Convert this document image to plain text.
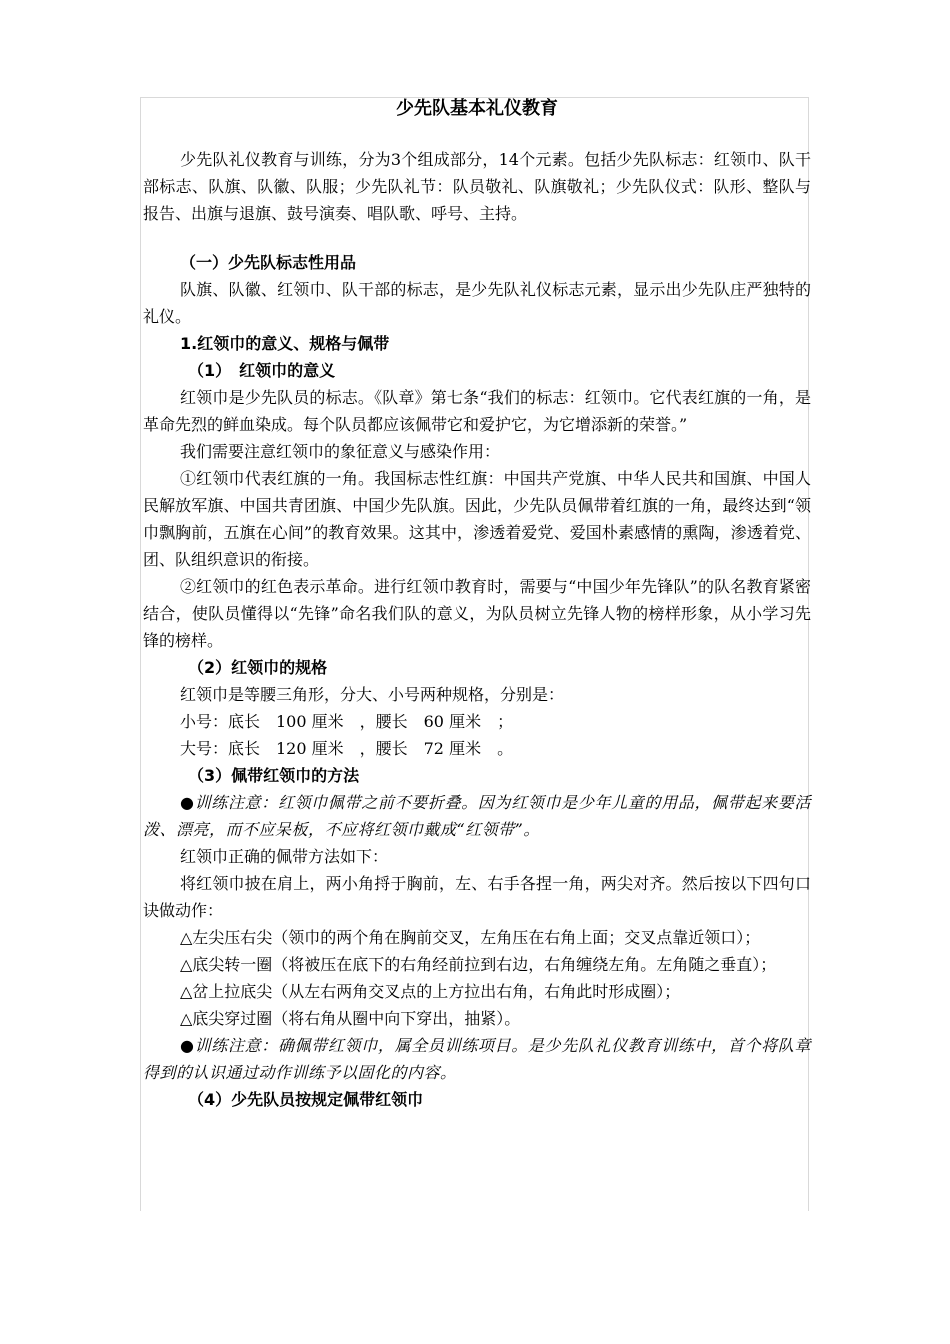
少先队基本礼仪教育

少先队礼仪教育与训练，分为3个组成部分，14个元素。包括少先队标志：红领巾、队干部标志、队旗、队徽、队服；少先队礼节：队员敬礼、队旗敬礼；少先队仪式：队形、整队与报告、出旗与退旗、鼓号演奏、唱队歌、呼号、主持。

（一）少先队标志性用品

队旗、队徽、红领巾、队干部的标志，是少先队礼仪标志元素，显示出少先队庄严独特的礼仪。

1.红领巾的意义、规格与佩带

（1）　红领巾的意义

红领巾是少先队员的标志。《队章》第七条“我们的标志：红领巾。它代表红旗的一角，是革命先烈的鲜血染成。每个队员都应该佩带它和爱护它，为它增添新的荣誉。”

我们需要注意红领巾的象征意义与感染作用：

①红领巾代表红旗的一角。我国标志性红旗：中国共产党旗、中华人民共和国旗、中国人民解放军旗、中国共青团旗、中国少先队旗。因此，少先队员佩带着红旗的一角，最终达到“领巾飘胸前，五旗在心间”的教育效果。这其中，渗透着爱党、爱国朴素感情的熏陶，渗透着党、团、队组织意识的衔接。

②红领巾的红色表示革命。进行红领巾教育时，需要与“中国少年先锋队”的队名教育紧密结合，使队员懂得以“先锋”命名我们队的意义，为队员树立先锋人物的榜样形象，从小学习先锋的榜样。

（2）红领巾的规格

红领巾是等腰三角形，分大、小号两种规格，分别是：

小号：底长　100 厘米　，腰长　60 厘米　；

大号：底长　120 厘米　，腰长　72 厘米　。

（3）佩带红领巾的方法

●训练注意：红领巾佩带之前不要折叠。因为红领巾是少年儿童的用品，佩带起来要活泼、漂亮，而不应呆板，不应将红领巾戴成“红领带”。

红领巾正确的佩带方法如下：

将红领巾披在肩上，两小角捋于胸前，左、右手各捏一角，两尖对齐。然后按以下四句口诀做动作：

△左尖压右尖（领巾的两个角在胸前交叉，左角压在右角上面；交叉点靠近领口）；

△底尖转一圈（将被压在底下的右角经前拉到右边，右角缠绕左角。左角随之垂直）；

△岔上拉底尖（从左右两角交叉点的上方拉出右角，右角此时形成圈）；

△底尖穿过圈（将右角从圈中向下穿出，抽紧）。

●训练注意：确佩带红领巾，属全员训练项目。是少先队礼仪教育训练中，首个将队章得到的认识通过动作训练予以固化的内容。

（4）少先队员按规定佩带红领巾
